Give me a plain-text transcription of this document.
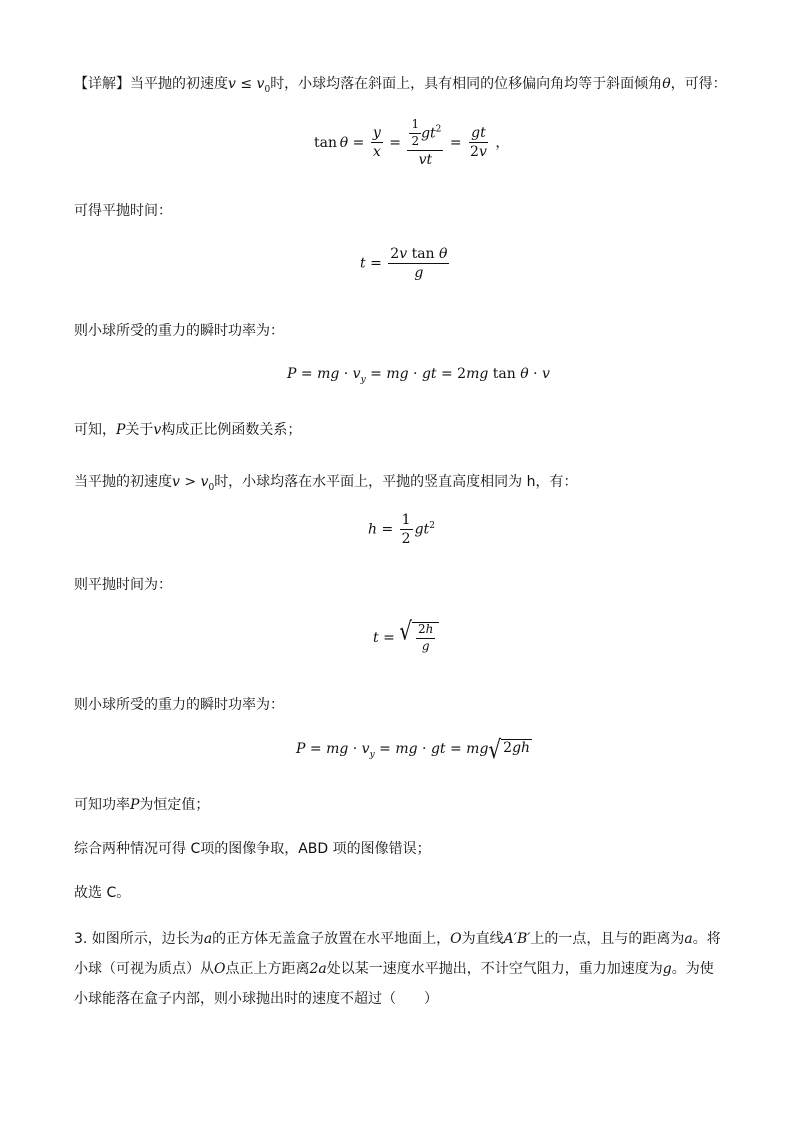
【详解】当平抛的初速度$v \le v_0$时，小球均落在斜面上，具有相同的位移偏向角均等于斜面倾角θ，可得：
$\tan \theta = \frac{y}{x} = \frac{\frac{1}{2} gt^2}{vt} = \frac{gt}{2v}$ ，
可得平抛时间：
$t = \frac{\text{2v tan θ}}{g}$
则小球所受的重力的瞬时功率为：
P = mg · $v_y$ = mg · gt = 2mg tan θ · v
可知，P关于v构成正比例函数关系；
当平抛的初速度$v > v_0$时，小球均落在水平面上，平抛的竖直高度相同为 h，有：
$h = \frac{1}{2} gt^2$
则平抛时间为：
t = √ $\frac{2h}{g}$
则小球所受的重力的瞬时功率为：
P = mg · $v_y$ = mg · gt = mg √ 2gh
可知功率P为恒定值；
综合两种情况可得 C项的图像争取，ABD 项的图像错误；
故选 C。
3. 如图所示，边长为a的正方体无盖盒子放置在水平地面上，O为直线A′B′上的一点，且与的距离为a。将
小球（可视为质点）从O点正上方距离2a处以某一速度水平抛出，不计空气阻力，重力加速度为g。为使
小球能落在盒子内部，则小球抛出时的速度不超过（　　）
